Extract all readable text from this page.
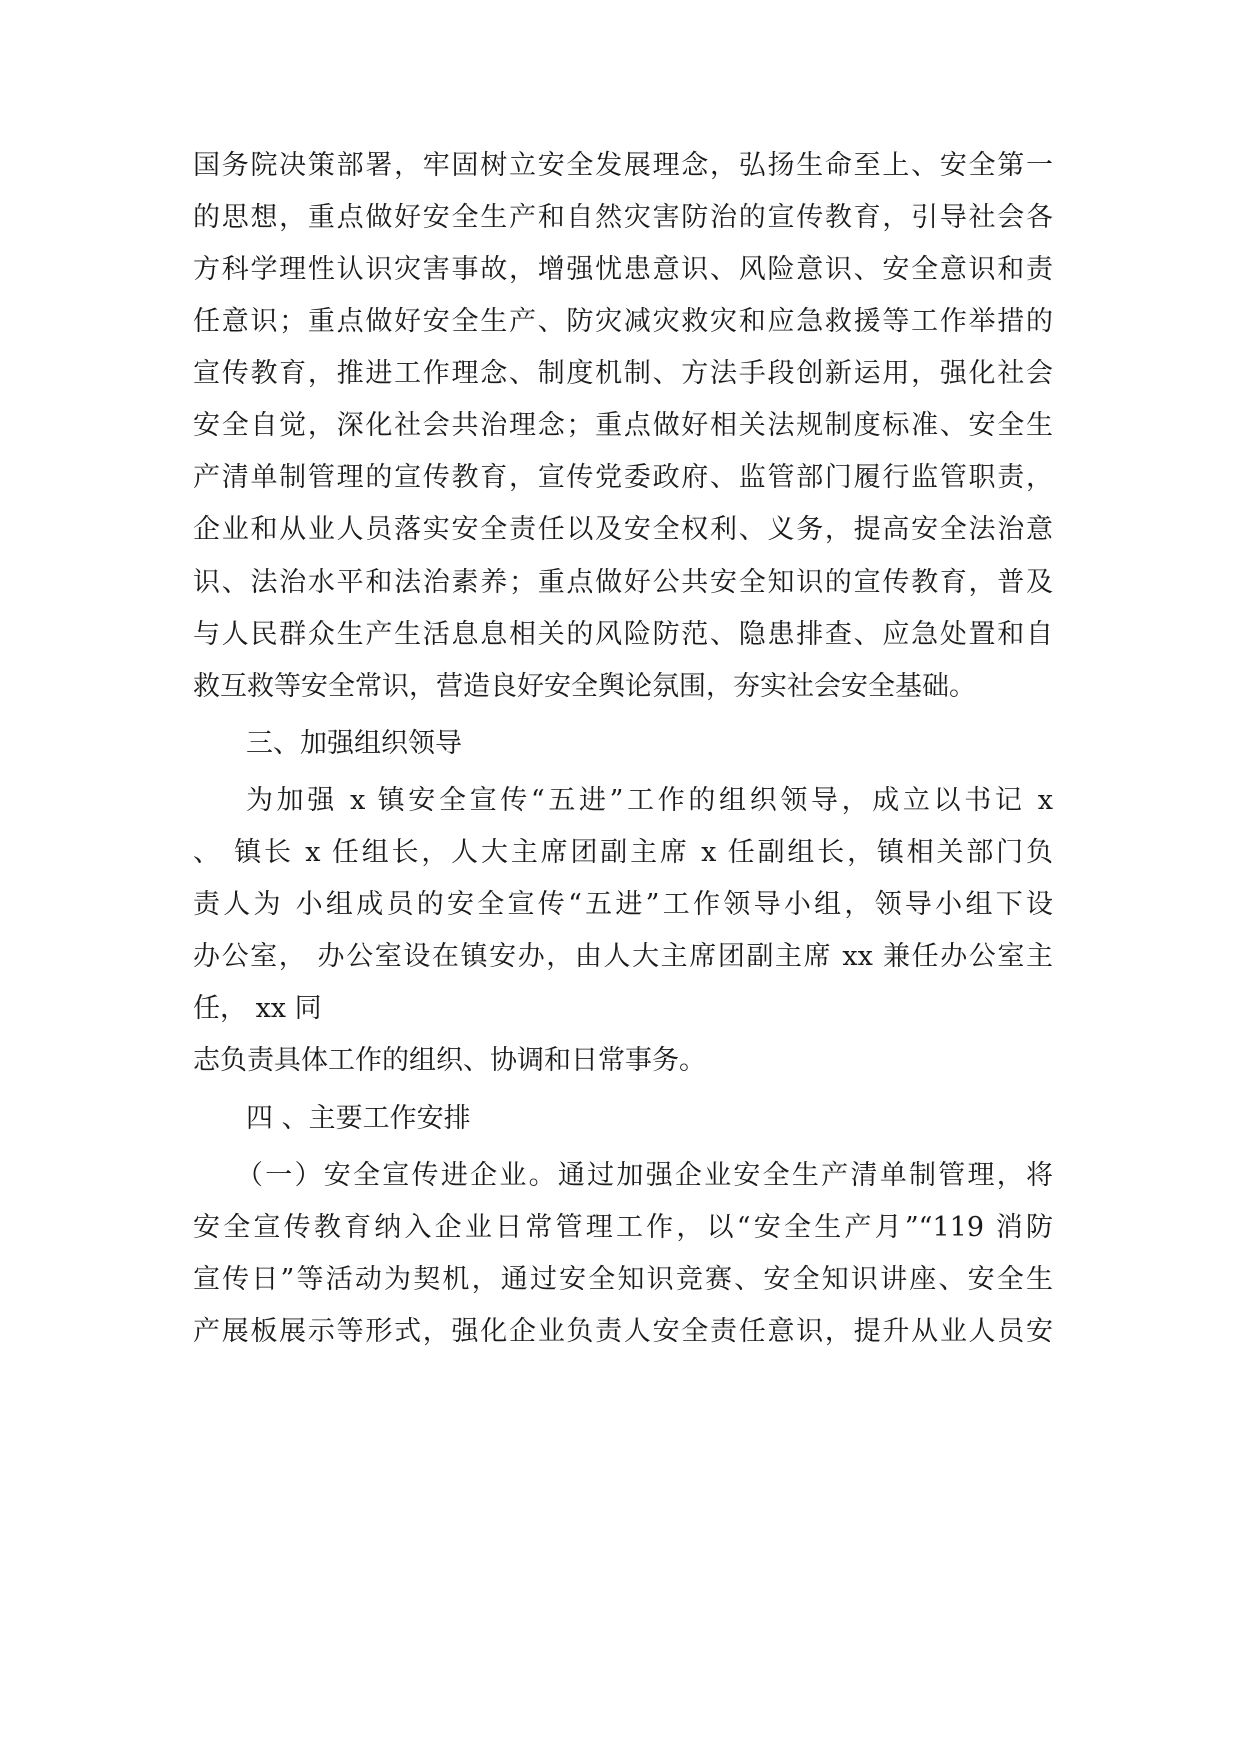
国务院决策部署，牢固树立安全发展理念，弘扬生命至上、安全第一
的思想，重点做好安全生产和自然灾害防治的宣传教育，引导社会各
方科学理性认识灾害事故，增强忧患意识、风险意识、安全意识和责
任意识；重点做好安全生产、防灾减灾救灾和应急救援等工作举措的
宣传教育，推进工作理念、制度机制、方法手段创新运用，强化社会
安全自觉，深化社会共治理念；重点做好相关法规制度标准、安全生
产清单制管理的宣传教育，宣传党委政府、监管部门履行监管职责，
企业和从业人员落实安全责任以及安全权利、义务，提高安全法治意
识、法治水平和法治素养；重点做好公共安全知识的宣传教育，普及
与人民群众生产生活息息相关的风险防范、隐患排查、应急处置和自
救互救等安全常识，营造良好安全舆论氛围，夯实社会安全基础。
三、加强组织领导
为加强 x 镇安全宣传“五进”工作的组织领导，成立以书记 x
、 镇长 x 任组长，人大主席团副主席 x 任副组长，镇相关部门负
责人为 小组成员的安全宣传“五进”工作领导小组，领导小组下设
办公室， 办公室设在镇安办，由人大主席团副主席 xx 兼任办公室主
任， xx 同
志负责具体工作的组织、协调和日常事务。
四 、主要工作安排
（一）安全宣传进企业。通过加强企业安全生产清单制管理，将
安全宣传教育纳入企业日常管理工作，以“安全生产月”“119 消防
宣传日”等活动为契机，通过安全知识竞赛、安全知识讲座、安全生
产展板展示等形式，强化企业负责人安全责任意识，提升从业人员安
